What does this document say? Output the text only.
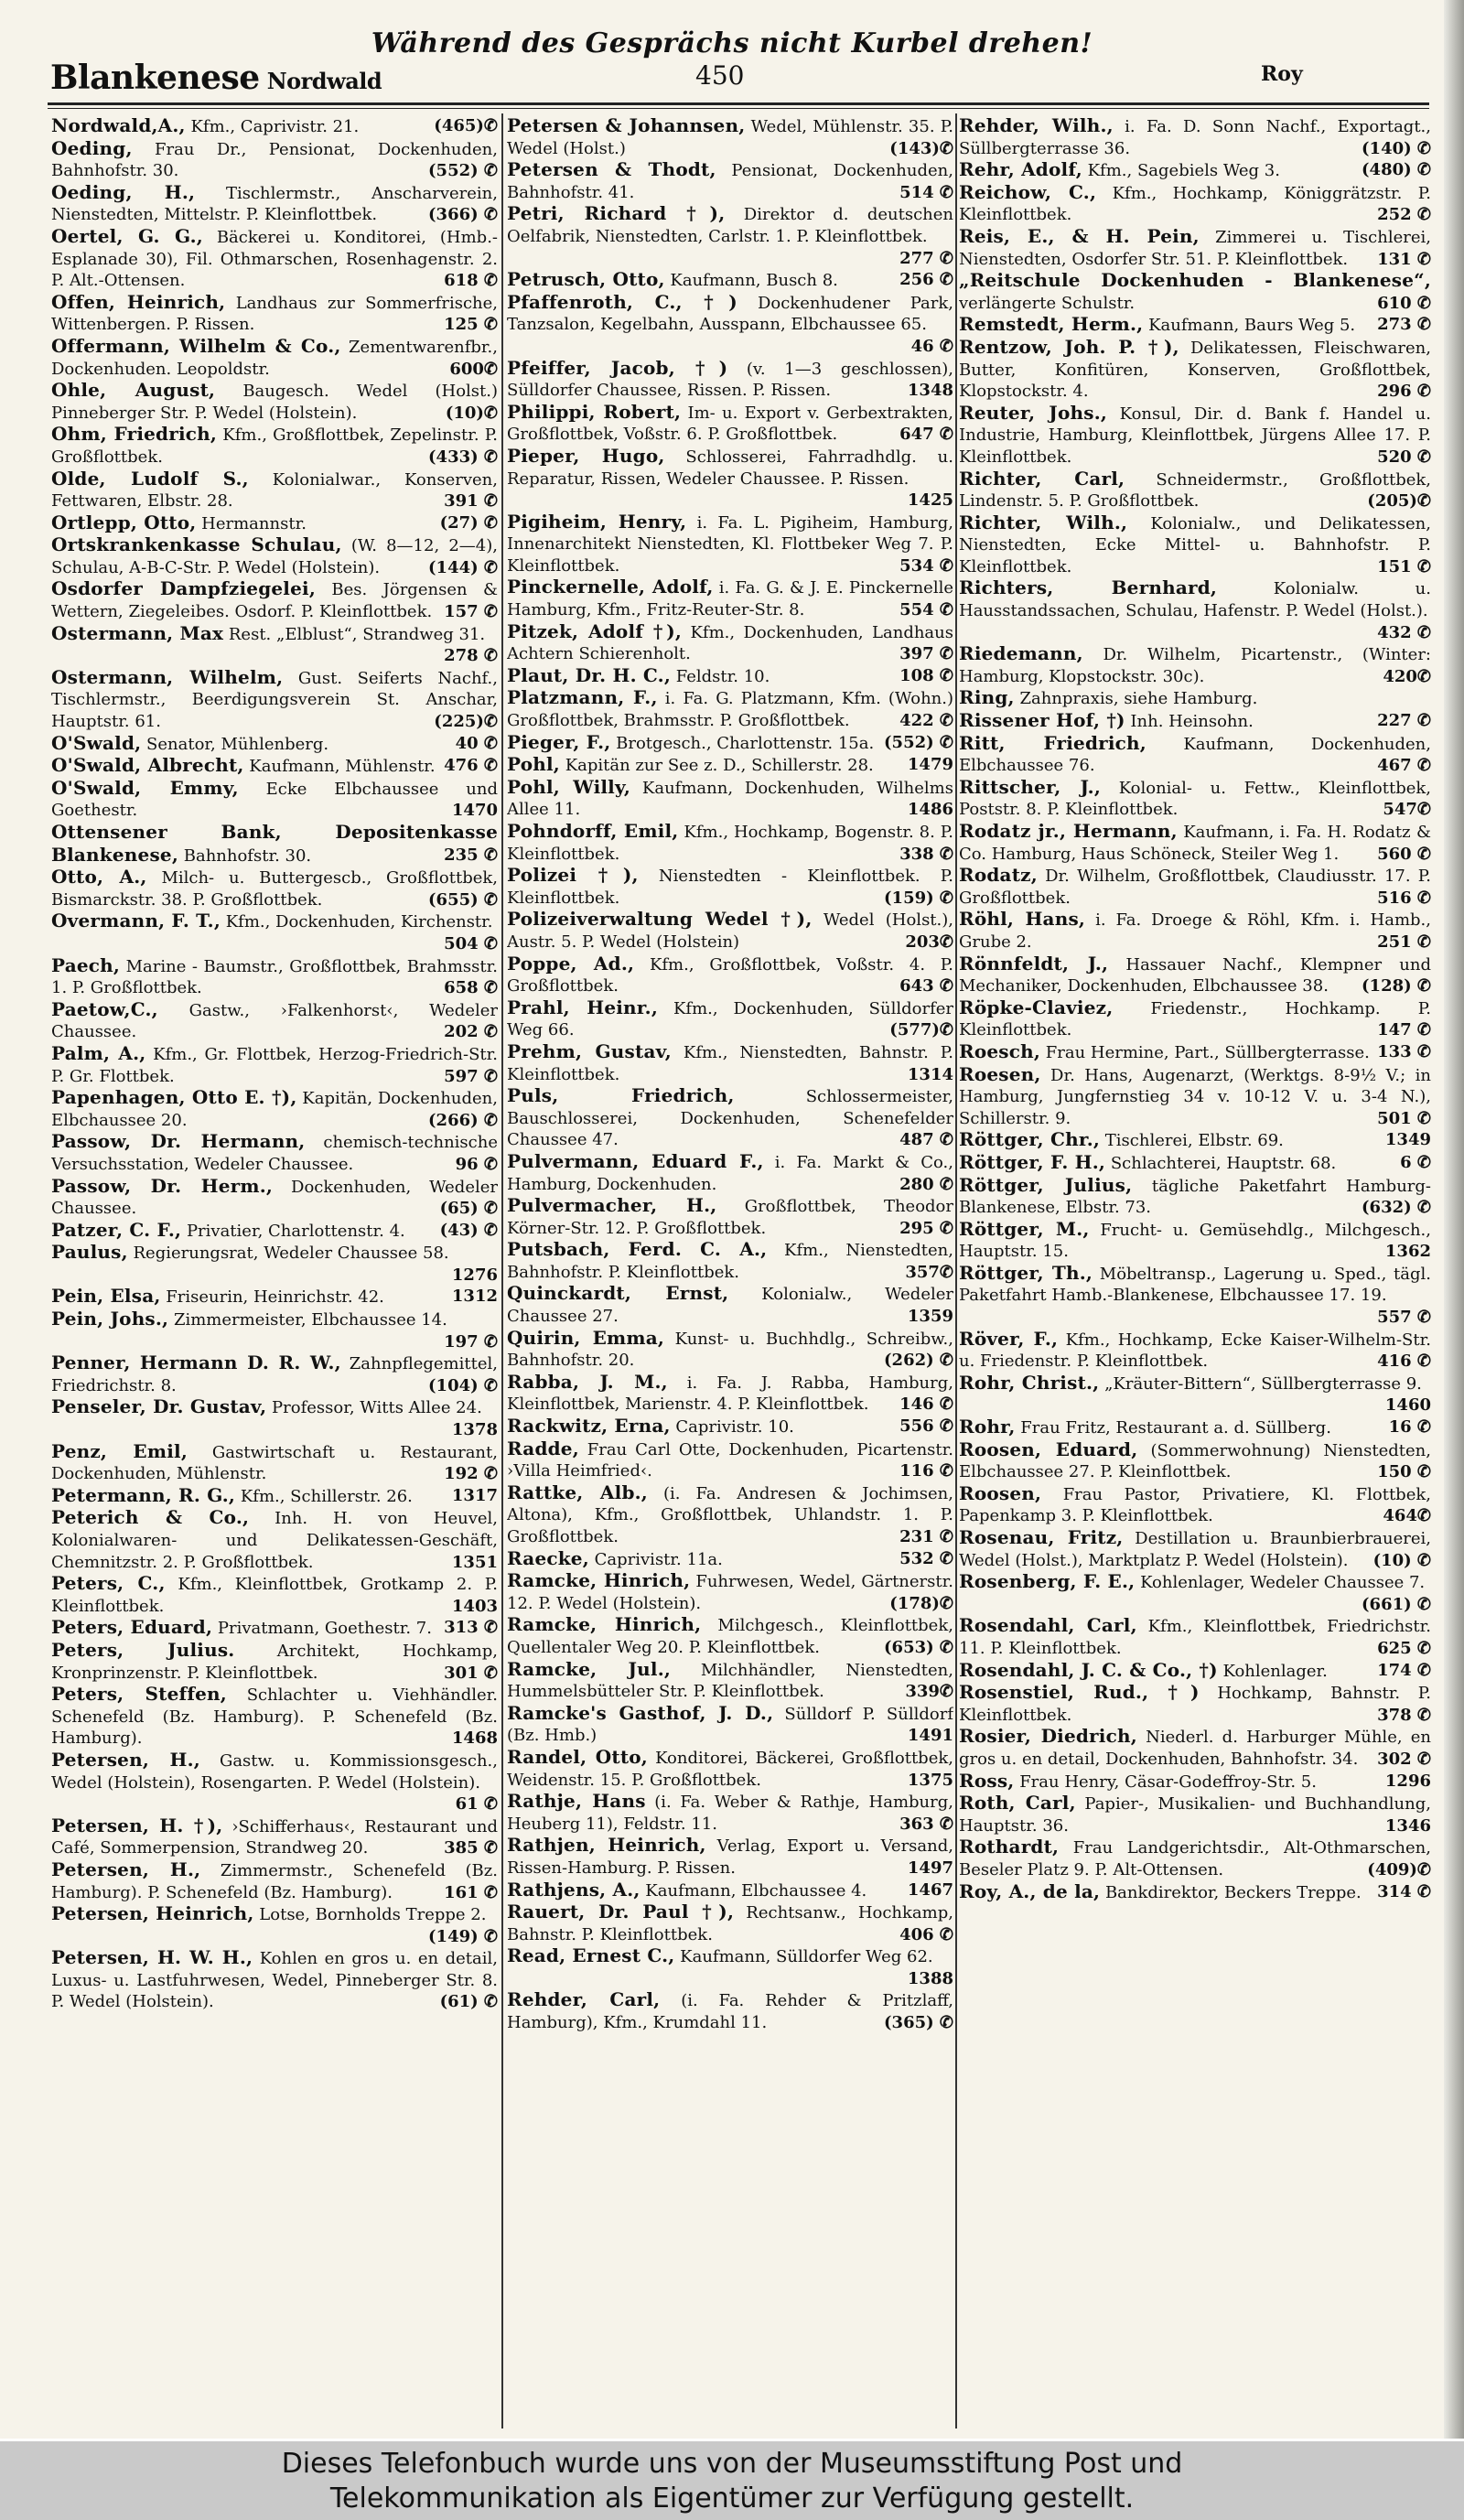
Während des Gesprächs nicht Kurbel drehen!
Blankenese Nordwald	450	Roy
Nordwald,A., Kfm., Caprivistr. 21.	(465)✆
Oeding, Frau Dr., Pensionat, Dockenhuden, Bahnhofstr. 30.	(552) ✆
Oeding, H., Tischlermstr., Anscharverein, Nienstedten, Mittelstr. P. Kleinflottbek.	(366) ✆
Oertel, G. G., Bäckerei u. Konditorei, (Hmb.- Esplanade 30), Fil. Othmarschen, Rosenhagenstr. 2. P. Alt.-Ottensen.	618 ✆
Offen, Heinrich, Landhaus zur Sommerfrische, Wittenbergen. P. Rissen.	125 ✆
Offermann, Wilhelm & Co., Zementwarenfbr., Dockenhuden. Leopoldstr.	600✆
Ohle, August, Baugesch. Wedel (Holst.) Pinneberger Str. P. Wedel (Holstein).	(10)✆
Ohm, Friedrich, Kfm., Großflottbek, Zepelinstr. P. Großflottbek.	(433) ✆
Olde, Ludolf S., Kolonialwar., Konserven, Fettwaren, Elbstr. 28.	391 ✆
Ortlepp, Otto, Hermannstr.	(27) ✆
Ortskrankenkasse Schulau, (W. 8—12, 2—4), Schulau, A-B-C-Str. P. Wedel (Holstein).	(144) ✆
Osdorfer Dampfziegelei, Bes. Jörgensen & Wettern, Ziegeleibes. Osdorf. P. Kleinflottbek. 157 ✆
Ostermann, Max Rest. „Elblust“, Strandweg 31.
278 ✆
Ostermann, Wilhelm, Gust. Seiferts Nachf., Tischlermstr., Beerdigungsverein St. Anschar, Hauptstr. 61.	(225)✆
O'Swald, Senator, Mühlenberg.	40 ✆
O'Swald, Albrecht, Kaufmann, Mühlenstr. 476 ✆
O'Swald, Emmy, Ecke Elbchaussee und Goethestr.	1470
Ottensener Bank, Depositenkasse Blankenese, Bahnhofstr. 30.	235 ✆
Otto, A., Milch- u. Buttergescb., Großflottbek, Bismarckstr. 38. P. Großflottbek.	(655) ✆
Overmann, F. T., Kfm., Dockenhuden, Kirchenstr.
504 ✆
Paech, Marine - Baumstr., Großflottbek, Brahmsstr. 1. P. Großflottbek.	658 ✆
Paetow,C., Gastw., ›Falkenhorst‹, Wedeler Chaussee.	202 ✆
Palm, A., Kfm., Gr. Flottbek, Herzog-Friedrich-Str. P. Gr. Flottbek.	597 ✆
Papenhagen, Otto E. †), Kapitän, Dockenhuden, Elbchaussee 20.	(266) ✆
Passow, Dr. Hermann, chemisch-technische Versuchsstation, Wedeler Chaussee.	96 ✆
Passow, Dr. Herm., Dockenhuden, Wedeler Chaussee.	(65) ✆
Patzer, C. F., Privatier, Charlottenstr. 4. (43) ✆
Paulus, Regierungsrat, Wedeler Chaussee 58.
1276
Pein, Elsa, Friseurin, Heinrichstr. 42.	1312
Pein, Johs., Zimmermeister, Elbchaussee 14.
197 ✆
Penner, Hermann D. R. W., Zahnpflegemittel, Friedrichstr. 8.	(104) ✆
Penseler, Dr. Gustav, Professor, Witts Allee 24.
1378
Penz, Emil, Gastwirtschaft u. Restaurant, Dockenhuden, Mühlenstr.	192 ✆
Petermann, R. G., Kfm., Schillerstr. 26. 1317
Peterich & Co., Inh. H. von Heuvel, Kolonialwaren- und Delikatessen-Geschäft, Chemnitzstr. 2. P. Großflottbek.	1351
Peters, C., Kfm., Kleinflottbek, Grotkamp 2. P. Kleinflottbek.	1403
Peters, Eduard, Privatmann, Goethestr. 7. 313 ✆
Peters, Julius.	Architekt, Hochkamp, Kronprinzenstr. P. Kleinflottbek.	301 ✆
Peters, Steffen, Schlachter u. Viehhändler. Schenefeld (Bz. Hamburg). P. Schenefeld (Bz. Hamburg).	1468
Petersen, H., Gastw. u. Kommissionsgesch., Wedel (Holstein), Rosengarten. P. Wedel (Holstein).
61 ✆
Petersen, H. †), ›Schifferhaus‹, Restaurant und Café, Sommerpension, Strandweg 20.	385 ✆
Petersen, H., Zimmermstr., Schenefeld (Bz. Hamburg). P. Schenefeld (Bz. Hamburg).	161 ✆
Petersen, Heinrich, Lotse, Bornholds Treppe 2.
(149) ✆
Petersen, H. W. H., Kohlen en gros u. en detail, Luxus- u. Lastfuhrwesen, Wedel, Pinneberger Str. 8. P. Wedel (Holstein).	(61) ✆
Petersen & Johannsen, Wedel, Mühlenstr. 35. P. Wedel (Holst.)	(143)✆
Petersen & Thodt, Pensionat, Dockenhuden, Bahnhofstr. 41.	514 ✆
Petri, Richard †), Direktor d. deutschen Oelfabrik, Nienstedten, Carlstr. 1. P. Kleinflottbek.
277 ✆
Petrusch, Otto, Kaufmann, Busch 8.	256 ✆
Pfaffenroth, C., †) Dockenhudener Park, Tanzsalon, Kegelbahn, Ausspann, Elbchaussee 65.
46 ✆
Pfeiffer, Jacob, †) (v. 1—3 geschlossen), Sülldorfer Chaussee, Rissen. P. Rissen.	1348
Philippi, Robert, Im- u. Export v. Gerbextrakten, Großflottbek, Voßstr. 6. P. Großflottbek.	647 ✆
Pieper, Hugo, Schlosserei, Fahrradhdlg. u. Reparatur, Rissen, Wedeler Chaussee. P. Rissen.
1425
Pigiheim, Henry, i. Fa. L. Pigiheim, Hamburg, Innenarchitekt Nienstedten, Kl. Flottbeker Weg 7. P. Kleinflottbek.	534 ✆
Pinckernelle, Adolf, i. Fa. G. & J. E. Pinckernelle Hamburg, Kfm., Fritz-Reuter-Str. 8.	554 ✆
Pitzek, Adolf †), Kfm., Dockenhuden, Landhaus Achtern Schierenholt.	397 ✆
Plaut, Dr. H. C., Feldstr. 10.	108 ✆
Platzmann, F., i. Fa. G. Platzmann, Kfm. (Wohn.) Großflottbek, Brahmsstr. P. Großflottbek.	422 ✆
Pieger, F., Brotgesch., Charlottenstr. 15a. (552) ✆
Pohl, Kapitän zur See z. D., Schillerstr. 28. 1479
Pohl, Willy, Kaufmann, Dockenhuden, Wilhelms Allee 11.	1486
Pohndorff, Emil, Kfm., Hochkamp, Bogenstr. 8. P. Kleinflottbek.	338 ✆
Polizei †), Nienstedten - Kleinflottbek. P. Kleinflottbek.	(159) ✆
Polizeiverwaltung Wedel †), Wedel (Holst.), Austr. 5. P. Wedel (Holstein)	203✆
Poppe, Ad., Kfm., Großflottbek, Voßstr. 4. P. Großflottbek.	643 ✆
Prahl, Heinr., Kfm., Dockenhuden, Sülldorfer Weg 66.	(577)✆
Prehm, Gustav, Kfm., Nienstedten, Bahnstr. P. Kleinflottbek.	1314
Puls, Friedrich,	Schlossermeister, Bauschlosserei, Dockenhuden, Schenefelder Chaussee 47.	487 ✆
Pulvermann, Eduard F., i. Fa. Markt & Co., Hamburg, Dockenhuden.	280 ✆
Pulvermacher, H., Großflottbek, Theodor Körner-Str. 12. P. Großflottbek.	295 ✆
Putsbach, Ferd. C. A., Kfm., Nienstedten, Bahnhofstr. P. Kleinflottbek.	357✆
Quinckardt, Ernst, Kolonialw., Wedeler Chaussee 27.	1359
Quirin, Emma, Kunst- u. Buchhdlg., Schreibw., Bahnhofstr. 20.	(262) ✆
Rabba, J. M., i. Fa. J. Rabba, Hamburg, Kleinflottbek, Marienstr. 4. P. Kleinflottbek. 146 ✆
Rackwitz, Erna, Caprivistr. 10.	556 ✆
Radde, Frau Carl Otte, Dockenhuden, Picartenstr. ›Villa Heimfried‹.	116 ✆
Rattke, Alb., (i. Fa. Andresen & Jochimsen, Altona), Kfm., Großflottbek, Uhlandstr. 1. P. Großflottbek.	231 ✆
Raecke, Caprivistr. 11a.	532 ✆
Ramcke, Hinrich, Fuhrwesen, Wedel, Gärtnerstr. 12. P. Wedel (Holstein).	(178)✆
Ramcke, Hinrich, Milchgesch., Kleinflottbek, Quellentaler Weg 20. P. Kleinflottbek.	(653) ✆
Ramcke, Jul., Milchhändler, Nienstedten, Hummelsbütteler Str. P. Kleinflottbek.	339✆
Ramcke's Gasthof, J. D., Sülldorf P. Sülldorf (Bz. Hmb.)	1491
Randel, Otto, Konditorei, Bäckerei, Großflottbek, Weidenstr. 15. P. Großflottbek.	1375
Rathje, Hans (i. Fa. Weber & Rathje, Hamburg, Heuberg 11), Feldstr. 11.	363 ✆
Rathjen, Heinrich, Verlag, Export u. Versand, Rissen-Hamburg. P. Rissen.	1497
Rathjens, A., Kaufmann, Elbchaussee 4. 1467
Rauert, Dr. Paul †), Rechtsanw., Hochkamp, Bahnstr. P. Kleinflottbek.	406 ✆
Read, Ernest C., Kaufmann, Sülldorfer Weg 62.
1388
Rehder, Carl, (i. Fa. Rehder & Pritzlaff, Hamburg), Kfm., Krumdahl 11.	(365) ✆
Rehder, Wilh., i. Fa. D. Sonn Nachf., Exportagt., Süllbergterrasse 36.	(140) ✆
Rehr, Adolf, Kfm., Sagebiels Weg 3.	(480) ✆
Reichow, C., Kfm., Hochkamp, Königgrätzstr. P. Kleinflottbek.	252 ✆
Reis, E., & H. Pein, Zimmerei u. Tischlerei, Nienstedten, Osdorfer Str. 51. P. Kleinflottbek. 131 ✆
„Reitschule Dockenhuden - Blankenese“, verlängerte Schulstr.	610 ✆
Remstedt, Herm., Kaufmann, Baurs Weg 5. 273 ✆
Rentzow, Joh. P. †), Delikatessen, Fleischwaren, Butter, Konfitüren, Konserven, Großflottbek, Klopstockstr. 4.	296 ✆
Reuter, Johs., Konsul, Dir. d. Bank f. Handel u. Industrie, Hamburg, Kleinflottbek, Jürgens Allee 17. P. Kleinflottbek.	520 ✆
Richter, Carl, Schneidermstr., Großflottbek, Lindenstr. 5. P. Großflottbek.	(205)✆
Richter, Wilh., Kolonialw., und Delikatessen, Nienstedten, Ecke Mittel- u. Bahnhofstr. P. Kleinflottbek.	151 ✆
Richters, Bernhard,	Kolonialw. u. Hausstandssachen, Schulau, Hafenstr. P. Wedel (Holst.).
432 ✆
Riedemann, Dr. Wilhelm, Picartenstr., (Winter: Hamburg, Klopstockstr. 30c).	420✆
Ring, Zahnpraxis, siehe Hamburg.
Rissener Hof, †) Inh. Heinsohn.	227 ✆
Ritt, Friedrich, Kaufmann, Dockenhuden, Elbchaussee 76.	467 ✆
Rittscher, J., Kolonial- u. Fettw., Kleinflottbek, Poststr. 8. P. Kleinflottbek.	547✆
Rodatz jr., Hermann, Kaufmann, i. Fa. H. Rodatz & Co. Hamburg, Haus Schöneck, Steiler Weg 1. 560 ✆
Rodatz, Dr. Wilhelm, Großflottbek, Claudiusstr. 17. P. Großflottbek.	516 ✆
Röhl, Hans, i. Fa. Droege & Röhl, Kfm. i. Hamb., Grube 2.	251 ✆
Rönnfeldt, J., Hassauer Nachf., Klempner und Mechaniker, Dockenhuden, Elbchaussee 38. (128) ✆
Röpke-Claviez, Friedenstr., Hochkamp. P. Kleinflottbek.	147 ✆
Roesch, Frau Hermine, Part., Süllbergterrasse. 133 ✆
Roesen, Dr. Hans, Augenarzt, (Werktgs. 8-9½ V.; in Hamburg, Jungfernstieg 34 v. 10-12 V. u. 3-4 N.), Schillerstr. 9.	501 ✆
Röttger, Chr., Tischlerei, Elbstr. 69.	1349
Röttger, F. H., Schlachterei, Hauptstr. 68.	6 ✆
Röttger, Julius, tägliche Paketfahrt Hamburg-Blankenese, Elbstr. 73.	(632) ✆
Röttger, M., Frucht- u. Gemüsehdlg., Milchgesch., Hauptstr. 15.	1362
Röttger, Th., Möbeltransp., Lagerung u. Sped., tägl. Paketfahrt Hamb.-Blankenese, Elbchaussee 17. 19.
557 ✆
Röver, F., Kfm., Hochkamp, Ecke Kaiser-Wilhelm-Str. u. Friedenstr. P. Kleinflottbek.	416 ✆
Rohr, Christ., „Kräuter-Bittern“, Süllbergterrasse 9.
1460
Rohr, Frau Fritz, Restaurant a. d. Süllberg.	16 ✆
Roosen, Eduard, (Sommerwohnung) Nienstedten, Elbchaussee 27. P. Kleinflottbek.	150 ✆
Roosen, Frau Pastor, Privatiere, Kl. Flottbek, Papenkamp 3. P. Kleinflottbek.	464✆
Rosenau, Fritz, Destillation u. Braunbierbrauerei, Wedel (Holst.), Marktplatz P. Wedel (Holstein). (10) ✆
Rosenberg, F. E., Kohlenlager, Wedeler Chaussee 7.
(661) ✆
Rosendahl, Carl, Kfm., Kleinflottbek, Friedrichstr. 11. P. Kleinflottbek.	625 ✆
Rosendahl, J. C. & Co., †) Kohlenlager.	174 ✆
Rosenstiel, Rud., †) Hochkamp, Bahnstr. P. Kleinflottbek.	378 ✆
Rosier, Diedrich, Niederl. d. Harburger Mühle, en gros u. en detail, Dockenhuden, Bahnhofstr. 34. 302 ✆
Ross, Frau Henry, Cäsar-Godeffroy-Str. 5.	1296
Roth, Carl, Papier-, Musikalien- und Buchhandlung, Hauptstr. 36.	1346
Rothardt, Frau Landgerichtsdir., Alt-Othmarschen, Beseler Platz 9. P. Alt-Ottensen.	(409)✆
Roy, A., de la, Bankdirektor, Beckers Treppe. 314 ✆
Dieses Telefonbuch wurde uns von der Museumsstiftung Post und
Telekommunikation als Eigentümer zur Verfügung gestellt.
